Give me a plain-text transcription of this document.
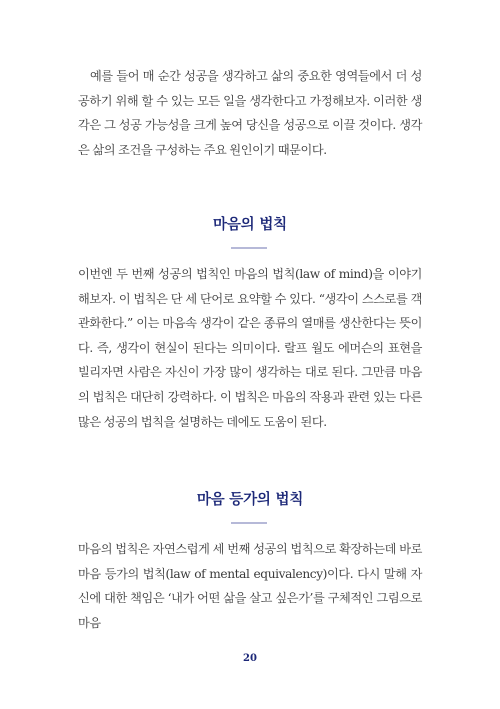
예를 들어 매 순간 성공을 생각하고 삶의 중요한 영역들에서 더 성공하기 위해 할 수 있는 모든 일을 생각한다고 가정해보자. 이러한 생각은 그 성공 가능성을 크게 높여 당신을 성공으로 이끌 것이다. 생각은 삶의 조건을 구성하는 주요 원인이기 때문이다.

마음의 법칙

이번엔 두 번째 성공의 법칙인 마음의 법칙(law of mind)을 이야기해보자. 이 법칙은 단 세 단어로 요약할 수 있다. “생각이 스스로를 객관화한다.” 이는 마음속 생각이 같은 종류의 열매를 생산한다는 뜻이다. 즉, 생각이 현실이 된다는 의미이다. 랄프 월도 에머슨의 표현을 빌리자면 사람은 자신이 가장 많이 생각하는 대로 된다. 그만큼 마음의 법칙은 대단히 강력하다. 이 법칙은 마음의 작용과 관련 있는 다른 많은 성공의 법칙을 설명하는 데에도 도움이 된다.

마음 등가의 법칙

마음의 법칙은 자연스럽게 세 번째 성공의 법칙으로 확장하는데 바로 마음 등가의 법칙(law of mental equivalency)이다. 다시 말해 자신에 대한 책임은 ‘내가 어떤 삶을 살고 싶은가’를 구체적인 그림으로 마음

20
